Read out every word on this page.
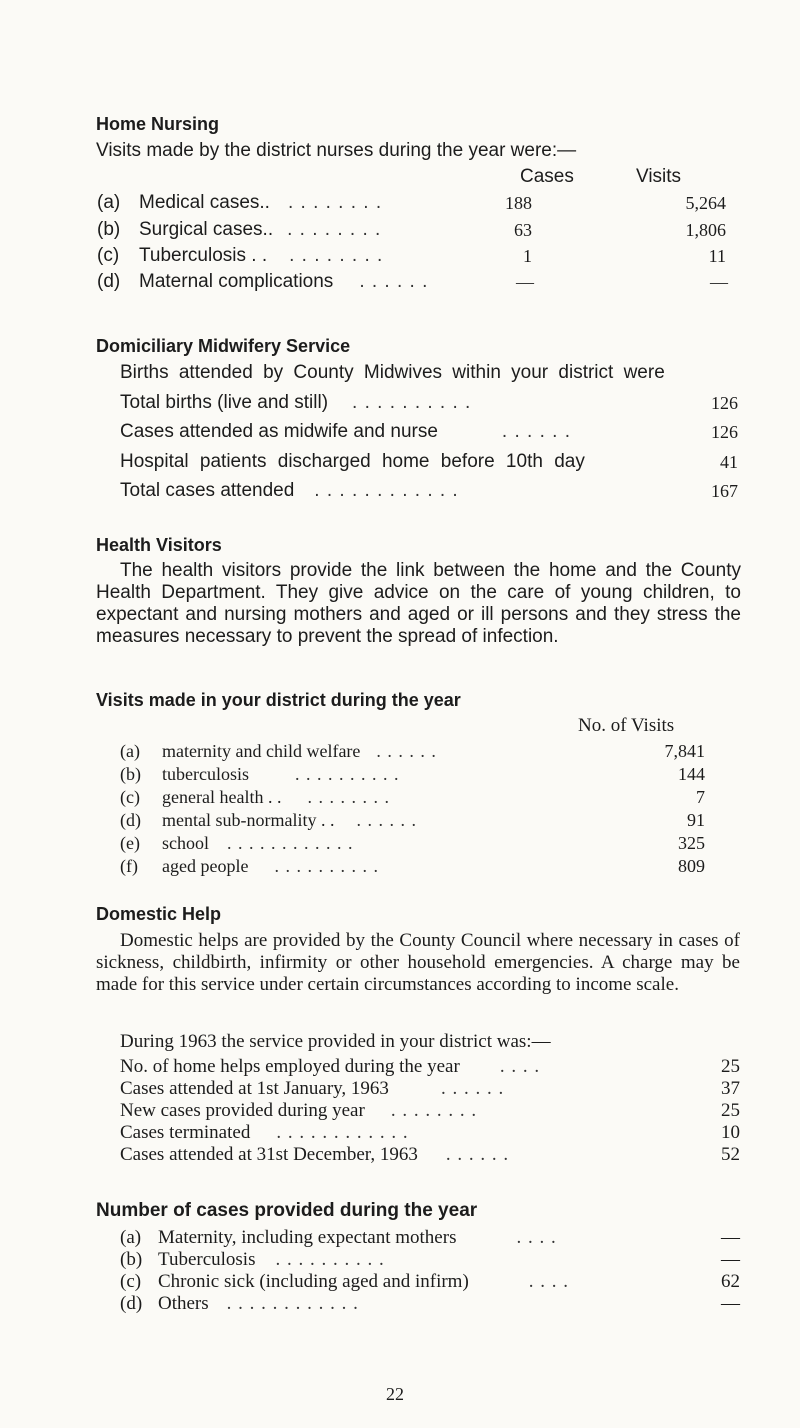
Home Nursing
Visits made by the district nurses during the year were:—
Cases	Visits
(a) Medical cases.. . . . . . . . .	188	5,264
(b) Surgical cases.. . . . . . . . .	63	1,806
(c)	Tuberculosis . . . . . . . . . .	1	11
(d) Maternal complications . . . . . .	—	—
Domiciliary Midwifery Service
Births attended by County Midwives within your district were
Total births (live and still) . . . . . . . . . .	126
Cases attended as midwife and nurse	. . . . . .	126
Hospital patients discharged home before 10th day	41
Total cases attended . . . . . . . . . . . .	167
Health Visitors
The health visitors provide the link between the home and the County Health Department. They give advice on the care of young children, to expectant and nursing mothers and aged or ill persons and they stress the measures necessary to prevent the spread of infection.
Visits made in your district during the year
No. of Visits
(a)	maternity and child welfare . . . . . .	7,841
(b)	tuberculosis	. . . . . . . . . .	144
(c)	general health . . . . . . . . . .	7
(d)	mental sub-normality . . . . . . . .	91
(e)	school . . . . . . . . . . . .	325
(f)	aged people . . . . . . . . . .	809
Domestic Help
Domestic helps are provided by the County Council where necessary in cases of sickness, childbirth, infirmity or other household emergencies. A charge may be made for this service under certain circumstances according to income scale.
During 1963 the service provided in your district was:—
No. of home helps employed during the year . . . .	25
Cases attended at 1st January, 1963	. . . . . .	37
New cases provided during year . . . . . . . .	25
Cases terminated . . . . . . . . . . . .	10
Cases attended at 31st December, 1963 . . . . . .	52
Number of cases provided during the year
(a) Maternity, including expectant mothers	. . . .	—
(b) Tuberculosis . . . . . . . . . .	—
(c) Chronic sick (including aged and infirm)	. . . .	62
(d) Others . . . . . . . . . . . .	—
22
